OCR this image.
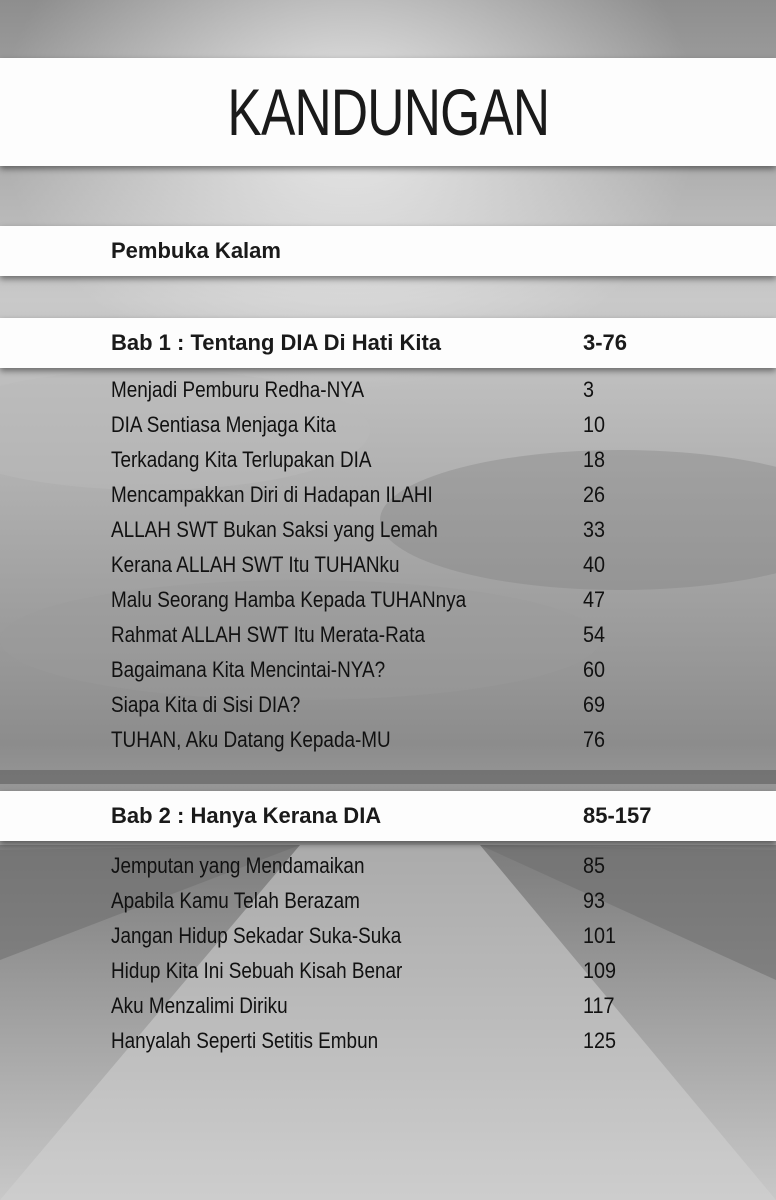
KANDUNGAN
Pembuka Kalam
Bab 1 : Tentang DIA Di Hati Kita	3-76
Menjadi Pemburu Redha-NYA	3
DIA Sentiasa Menjaga Kita	10
Terkadang Kita Terlupakan DIA	18
Mencampakkan Diri di Hadapan ILAHI	26
ALLAH SWT Bukan Saksi yang Lemah	33
Kerana ALLAH SWT Itu TUHANku	40
Malu Seorang Hamba Kepada TUHANnya	47
Rahmat ALLAH SWT Itu Merata-Rata	54
Bagaimana Kita Mencintai-NYA?	60
Siapa Kita di Sisi DIA?	69
TUHAN, Aku Datang Kepada-MU	76
Bab 2 : Hanya Kerana DIA	85-157
Jemputan yang Mendamaikan	85
Apabila Kamu Telah Berazam	93
Jangan Hidup Sekadar Suka-Suka	101
Hidup Kita Ini Sebuah Kisah Benar	109
Aku Menzalimi Diriku	117
Hanyalah Seperti Setitis Embun	125
